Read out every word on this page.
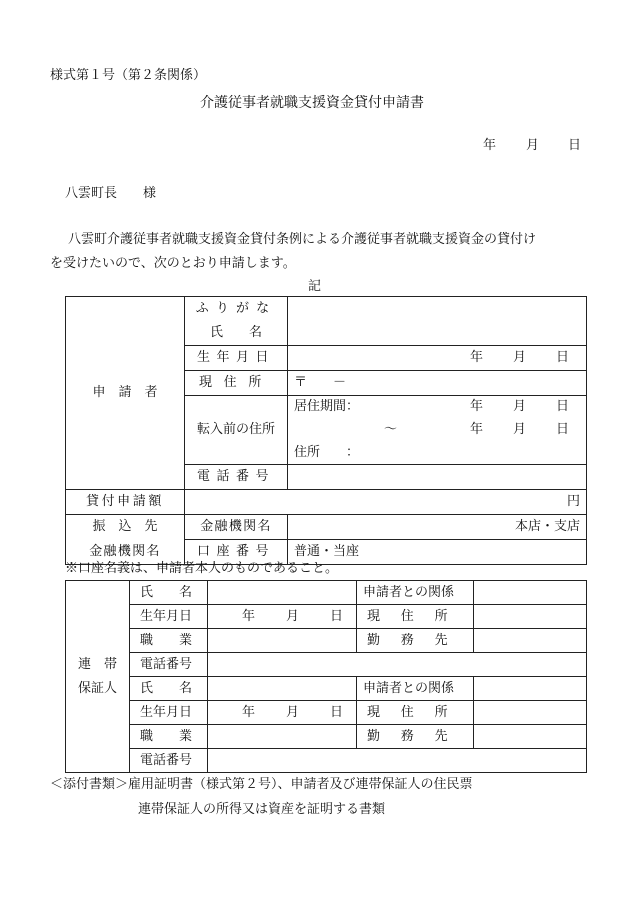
様式第１号（第２条関係）
介護従事者就職支援資金貸付申請書
年 月 日
八雲町長　　様
八雲町介護従事者就職支援資金貸付条例による介護従事者就職支援資金の貸付け
を受けたいので、次のとおり申請します。
記
申　請　者	ふりがな	
	氏　　名	
	生年月日	年 月 日

	現住所	〒　　－
	転入前の住所	居住期間： 年 月 日

		～ 年 月 日

		住所　　：
	電話番号	
貸付申請額	円	
振　込　先	金融機関名	本店・支店
金融機関名	口座番号	普通・当座
※口座名義は、申請者本人のものであること。
連　帯
保証人	氏　　名		申請者との関係	
	生年月日	年 月 日	現　住　所	
	職　　業		勤　務　先	
	電話番号			
	氏　　名		申請者との関係	
	生年月日	年 月 日	現　住　所	
	職　　業		勤　務　先	
	電話番号			
＜添付書類＞雇用証明書（様式第２号）、申請者及び連帯保証人の住民票
連帯保証人の所得又は資産を証明する書類
